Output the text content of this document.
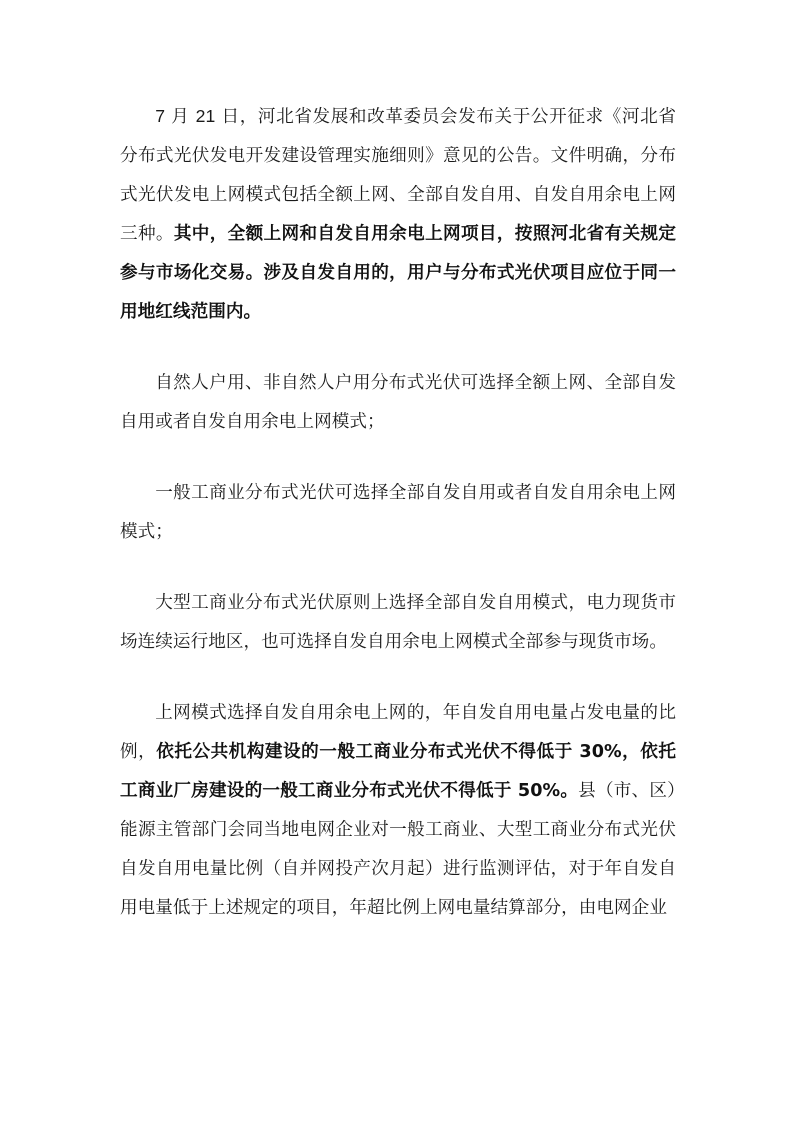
7 月 21 日，河北省发展和改革委员会发布关于公开征求《河北省分布式光伏发电开发建设管理实施细则》意见的公告。文件明确，分布式光伏发电上网模式包括全额上网、全部自发自用、自发自用余电上网三种。其中，全额上网和自发自用余电上网项目，按照河北省有关规定参与市场化交易。涉及自发自用的，用户与分布式光伏项目应位于同一用地红线范围内。

自然人户用、非自然人户用分布式光伏可选择全额上网、全部自发自用或者自发自用余电上网模式；

一般工商业分布式光伏可选择全部自发自用或者自发自用余电上网模式；

大型工商业分布式光伏原则上选择全部自发自用模式，电力现货市场连续运行地区，也可选择自发自用余电上网模式全部参与现货市场。

上网模式选择自发自用余电上网的，年自发自用电量占发电量的比例，依托公共机构建设的一般工商业分布式光伏不得低于 30%，依托工商业厂房建设的一般工商业分布式光伏不得低于 50%。县（市、区）能源主管部门会同当地电网企业对一般工商业、大型工商业分布式光伏自发自用电量比例（自并网投产次月起）进行监测评估，对于年自发自用电量低于上述规定的项目，年超比例上网电量结算部分，由电网企业
